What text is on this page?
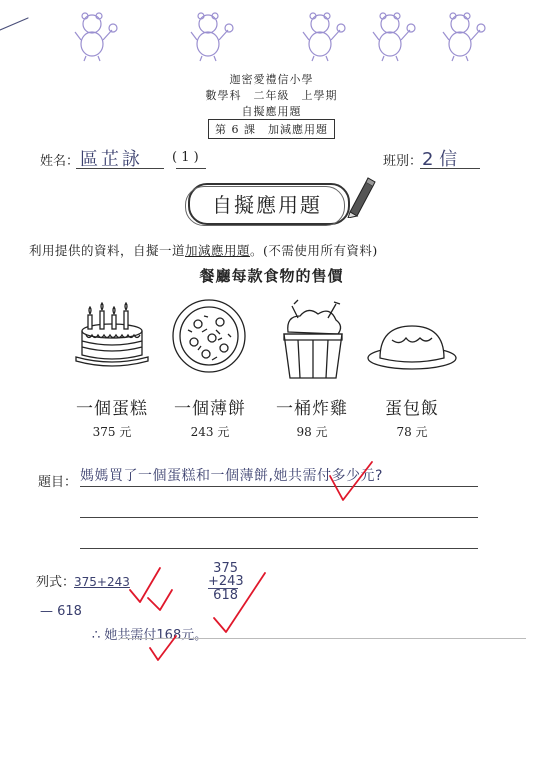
迦密愛禮信小學
數學科　二年級　上學期
自擬應用題
第 6 課　加減應用題
姓名： 區芷詠 ( 1 )	班別： 2 信
自擬應用題
利用提供的資料，自擬一道加減應用題。(不需使用所有資料)
餐廳每款食物的售價
一個蛋糕	一個薄餅	一桶炸雞	蛋包飯
375 元	243 元	98 元	78 元
題目： 媽媽買了一個蛋糕和一個薄餅,她共需付多少元?
列式：
375+243
— 618
∴ 她共需付168元。
375
+243
618
